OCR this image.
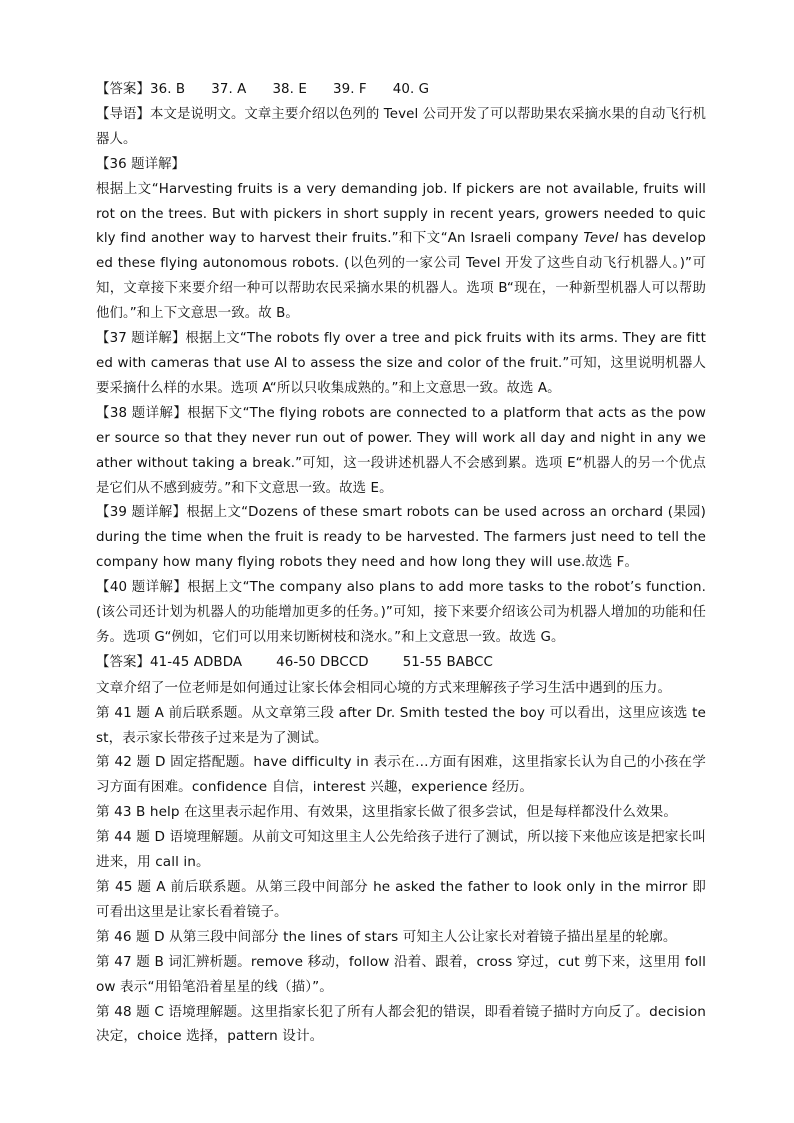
【答案】36. B 37. A 38. E 39. F 40. G

【导语】本文是说明文。文章主要介绍以色列的 Tevel 公司开发了可以帮助果农采摘水果的自动飞行机器人。

【36 题详解】

根据上文“Harvesting fruits is a very demanding job. If pickers are not available, fruits will rot on the trees. But with pickers in short supply in recent years, growers needed to quickly find another way to harvest their fruits.”和下文“An Israeli company Tevel has developed these flying autonomous robots. (以色列的一家公司 Tevel 开发了这些自动飞行机器人。)”可知，文章接下来要介绍一种可以帮助农民采摘水果的机器人。选项 B“现在，一种新型机器人可以帮助他们。”和上下文意思一致。故 B。

【37 题详解】根据上文“The robots fly over a tree and pick fruits with its arms. They are fitted with cameras that use AI to assess the size and color of the fruit.”可知，这里说明机器人要采摘什么样的水果。选项 A“所以只收集成熟的。”和上文意思一致。故选 A。

【38 题详解】根据下文“The flying robots are connected to a platform that acts as the power source so that they never run out of power. They will work all day and night in any weather without taking a break.”可知，这一段讲述机器人不会感到累。选项 E“机器人的另一个优点是它们从不感到疲劳。”和下文意思一致。故选 E。

【39 题详解】根据上文“Dozens of these smart robots can be used across an orchard (果园) during the time when the fruit is ready to be harvested. The farmers just need to tell the company how many flying robots they need and how long they will use.故选 F。

【40 题详解】根据上文“The company also plans to add more tasks to the robot’s function. (该公司还计划为机器人的功能增加更多的任务。)”可知，接下来要介绍该公司为机器人增加的功能和任务。选项 G“例如，它们可以用来切断树枝和浇水。”和上文意思一致。故选 G。

【答案】41-45 ADBDA	46-50 DBCCD	51-55 BABCC

文章介绍了一位老师是如何通过让家长体会相同心境的方式来理解孩子学习生活中遇到的压力。

第 41 题 A 前后联系题。从文章第三段 after Dr. Smith tested the boy 可以看出，这里应该选 test，表示家长带孩子过来是为了测试。

第 42 题 D 固定搭配题。have difficulty in 表示在…方面有困难，这里指家长认为自己的小孩在学习方面有困难。confidence 自信，interest 兴趣，experience 经历。

第 43 B help 在这里表示起作用、有效果，这里指家长做了很多尝试，但是每样都没什么效果。

第 44 题 D 语境理解题。从前文可知这里主人公先给孩子进行了测试，所以接下来他应该是把家长叫进来，用 call in。

第 45 题 A 前后联系题。从第三段中间部分 he asked the father to look only in the mirror 即可看出这里是让家长看着镜子。

第 46 题 D 从第三段中间部分 the lines of stars 可知主人公让家长对着镜子描出星星的轮廓。

第 47 题 B 词汇辨析题。remove 移动，follow 沿着、跟着，cross 穿过，cut 剪下来，这里用 follow 表示“用铅笔沿着星星的线（描）”。

第 48 题 C 语境理解题。这里指家长犯了所有人都会犯的错误，即看着镜子描时方向反了。decision 决定，choice 选择，pattern 设计。
